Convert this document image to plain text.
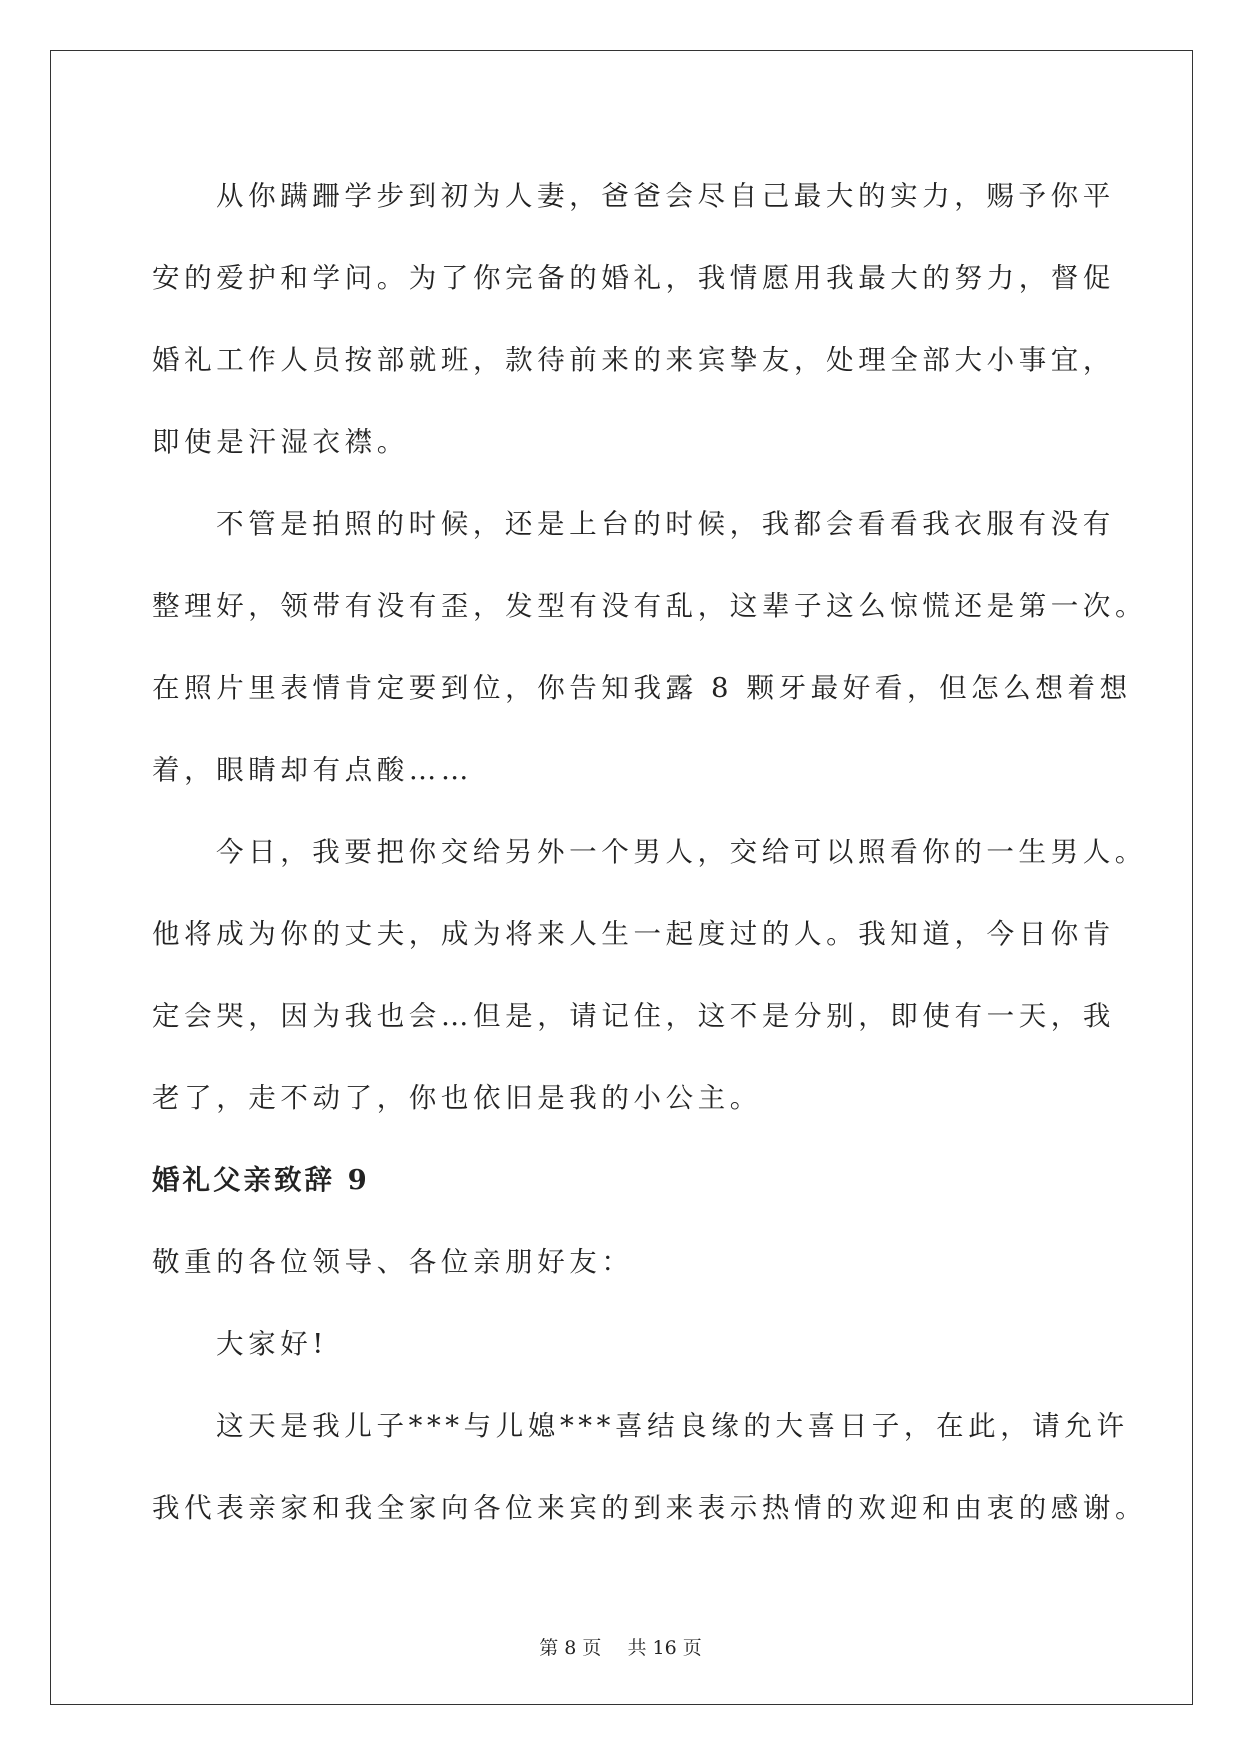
从你蹒跚学步到初为人妻，爸爸会尽自己最大的实力，赐予你平
安的爱护和学问。为了你完备的婚礼，我情愿用我最大的努力，督促
婚礼工作人员按部就班，款待前来的来宾挚友，处理全部大小事宜，
即使是汗湿衣襟。

不管是拍照的时候，还是上台的时候，我都会看看我衣服有没有
整理好，领带有没有歪，发型有没有乱，这辈子这么惊慌还是第一次。
在照片里表情肯定要到位，你告知我露 8 颗牙最好看，但怎么想着想
着，眼睛却有点酸……

今日，我要把你交给另外一个男人，交给可以照看你的一生男人。
他将成为你的丈夫，成为将来人生一起度过的人。我知道，今日你肯
定会哭，因为我也会…但是，请记住，这不是分别，即使有一天，我
老了，走不动了，你也依旧是我的小公主。

婚礼父亲致辞 9

敬重的各位领导、各位亲朋好友：

大家好!

这天是我儿子***与儿媳***喜结良缘的大喜日子，在此，请允许
我代表亲家和我全家向各位来宾的到来表示热情的欢迎和由衷的感谢。

第 8 页 共 16 页
